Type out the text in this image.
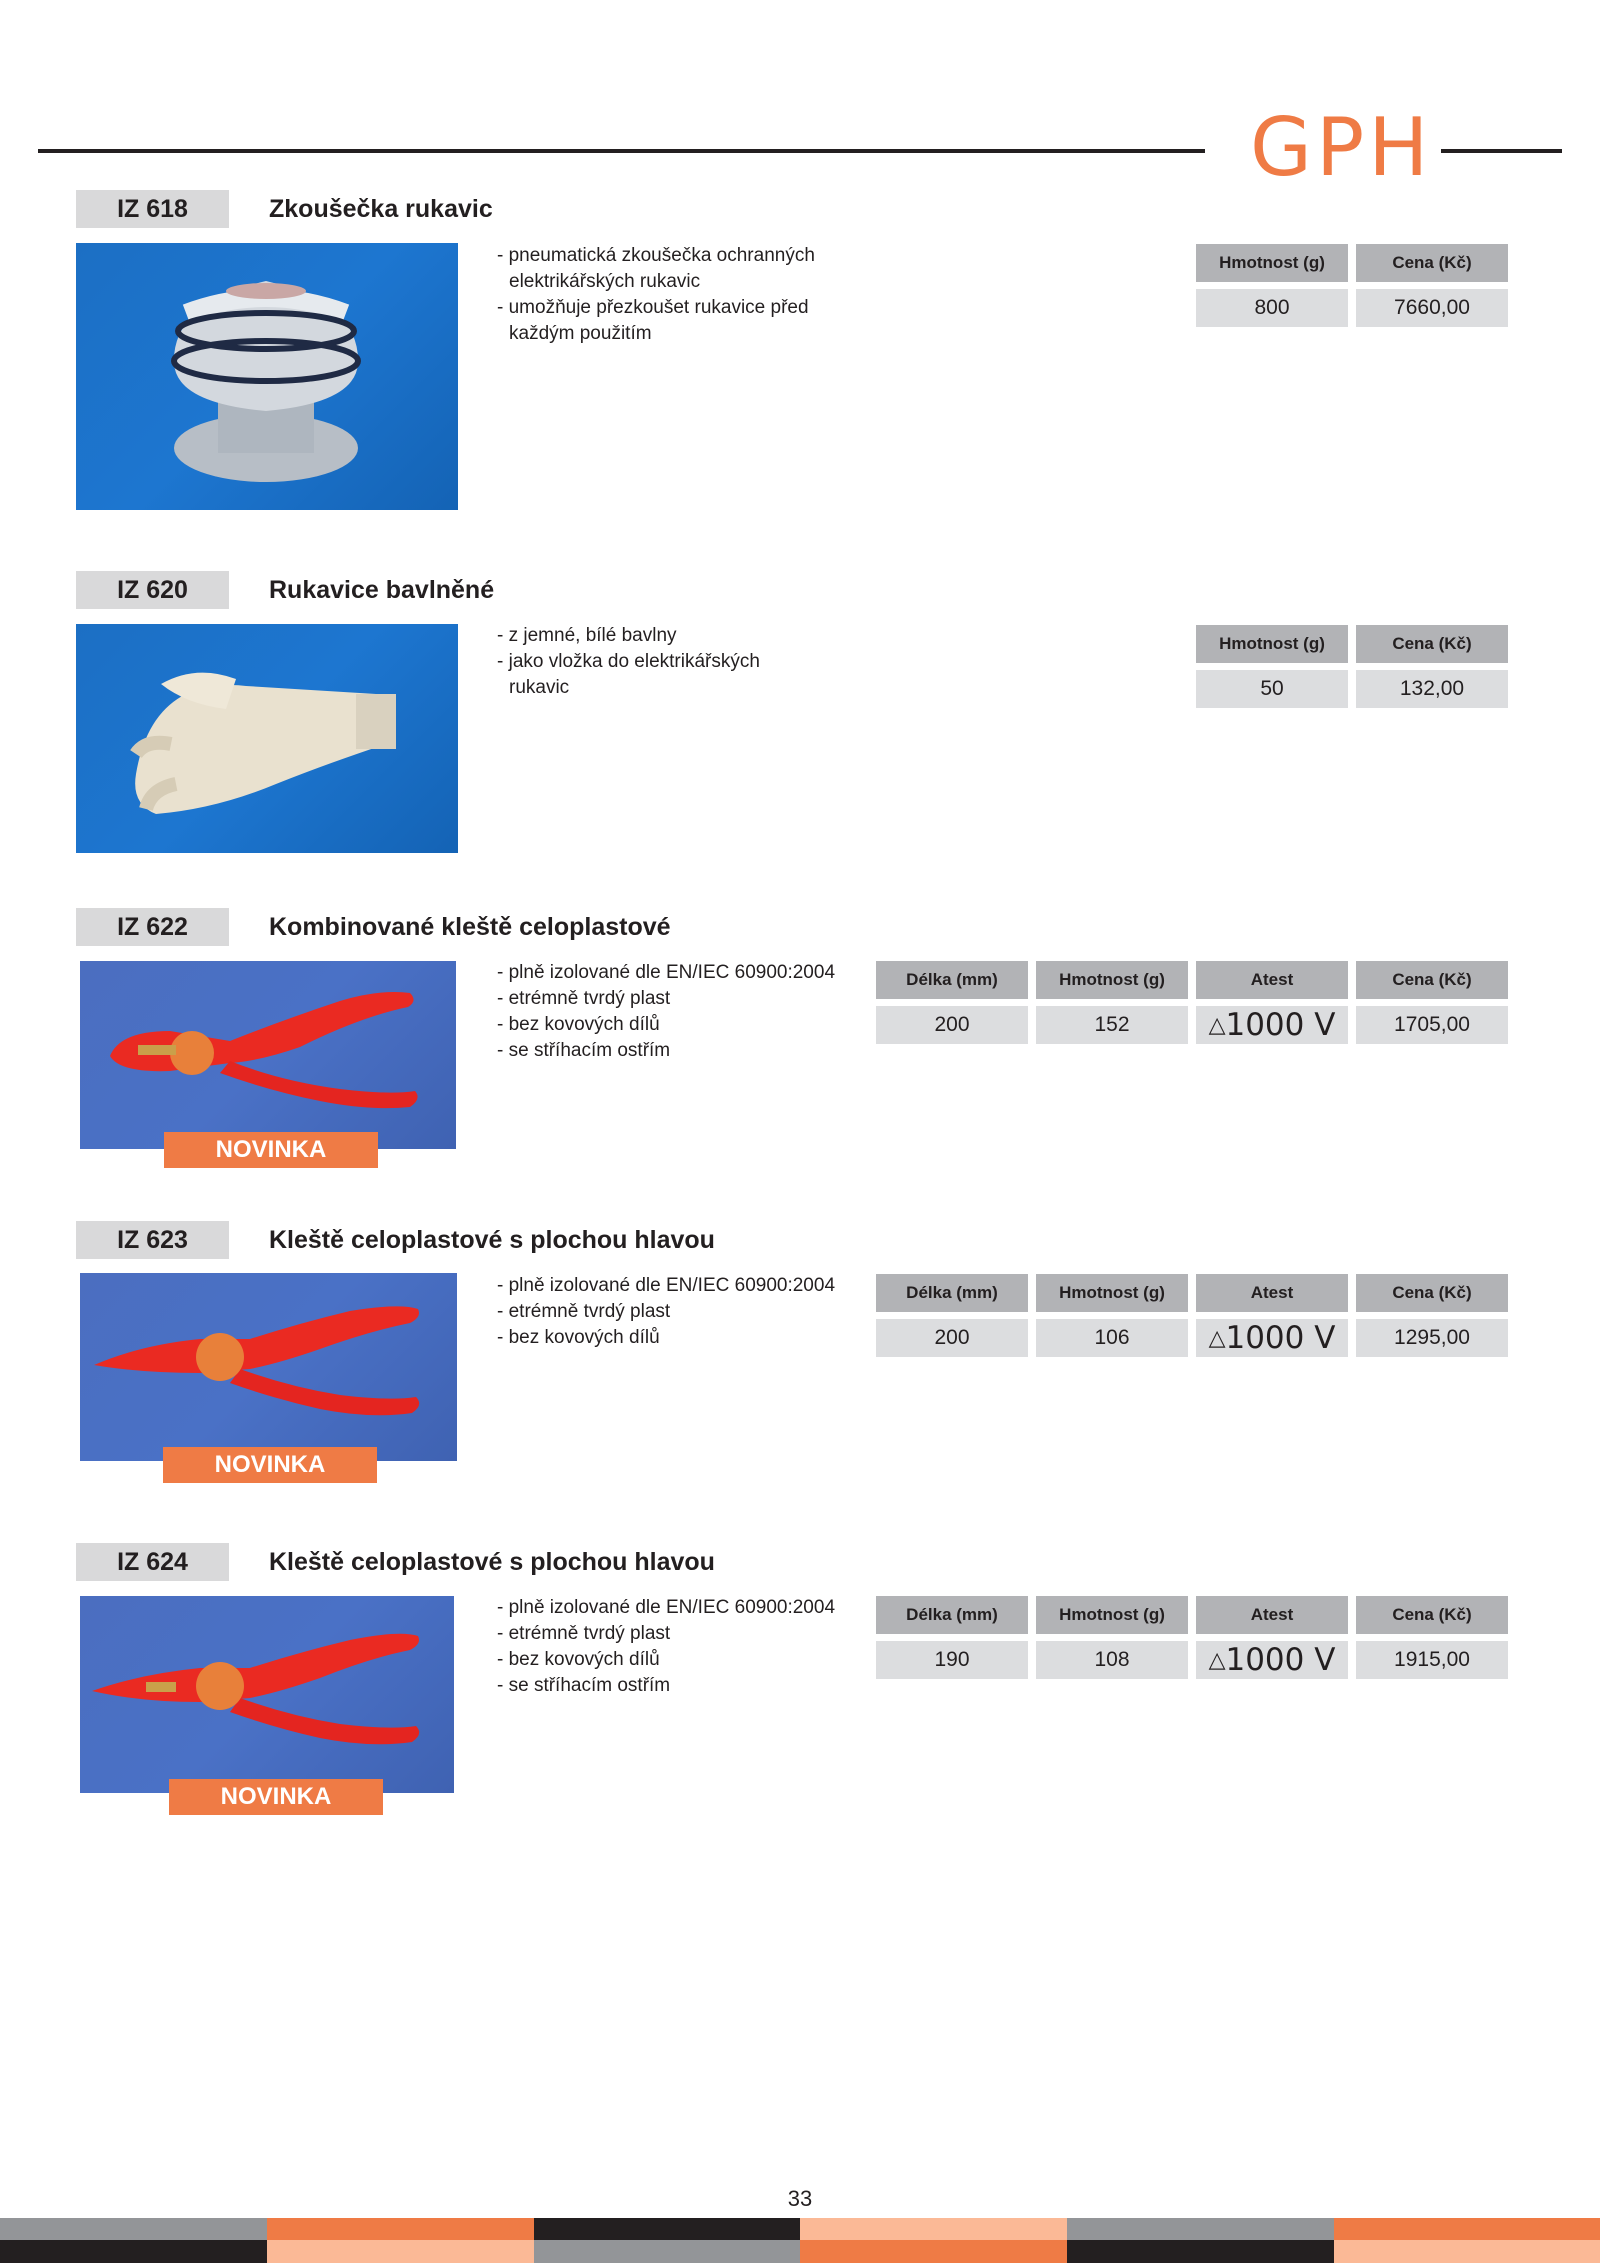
GPH
IZ 618	Zkoušečka rukavic
- pneumatická zkoušečka ochranných elektrikářských rukavic
- umožňuje přezkoušet rukavice před každým použitím
Hmotnost (g)	Cena (Kč)
800	7660,00
IZ 620	Rukavice bavlněné
- z jemné, bílé bavlny
- jako vložka do elektrikářských rukavic
Hmotnost (g)	Cena (Kč)
50	132,00
IZ 622	Kombinované kleště celoplastové
NOVINKA
- plně izolované dle EN/IEC 60900:2004
- etrémně tvrdý plast
- bez kovových dílů
- se stříhacím ostřím
Délka (mm)	Hmotnost (g)	Atest	Cena (Kč)
200	152	△1000 V	1705,00
IZ 623	Kleště celoplastové s plochou hlavou
NOVINKA
- plně izolované dle EN/IEC 60900:2004
- etrémně tvrdý plast
- bez kovových dílů
Délka (mm)	Hmotnost (g)	Atest	Cena (Kč)
200	106	△1000 V	1295,00
IZ 624	Kleště celoplastové s plochou hlavou
NOVINKA
- plně izolované dle EN/IEC 60900:2004
- etrémně tvrdý plast
- bez kovových dílů
- se stříhacím ostřím
Délka (mm)	Hmotnost (g)	Atest	Cena (Kč)
190	108	△1000 V	1915,00
33
